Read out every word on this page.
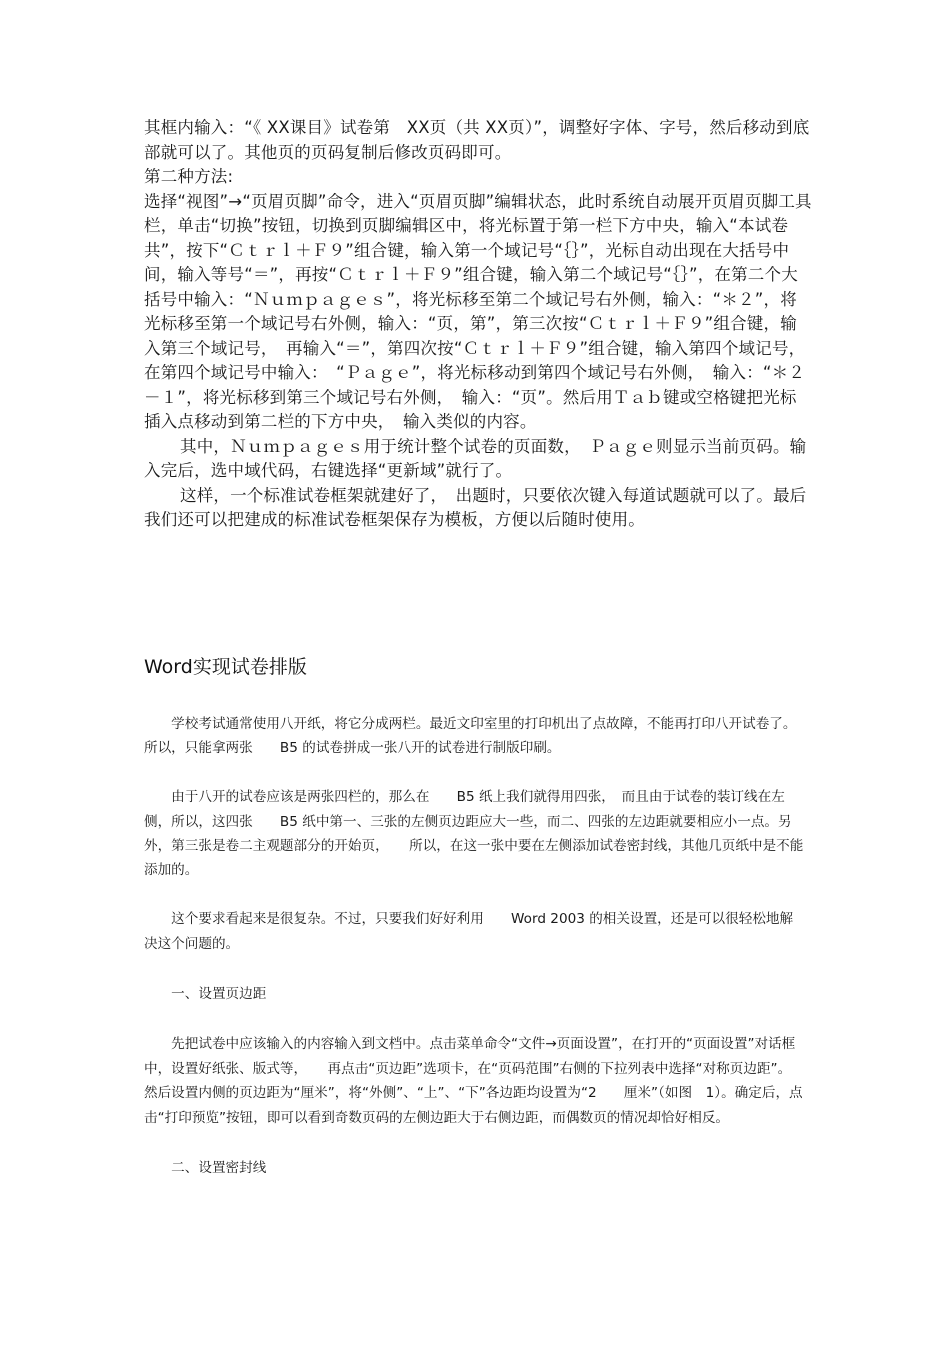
其框内输入：“《 XX课目》试卷第　XX页（共 XX页）”，调整好字体、字号，然后移动到底部就可以了。其他页的页码复制后修改页码即可。

第二种方法:

选择“视图”→“页眉页脚”命令，进入“页眉页脚”编辑状态，此时系统自动展开页眉页脚工具栏，单击“切换”按钮，切换到页脚编辑区中，将光标置于第一栏下方中央，输入“本试卷共”，按下“Ｃｔｒｌ＋Ｆ９”组合键，输入第一个域记号“｛｝”，光标自动出现在大括号中间，输入等号“＝”，再按“Ｃｔｒｌ＋Ｆ９”组合键，输入第二个域记号“｛｝”，在第二个大括号中输入：“Ｎｕｍｐａｇｅｓ”，将光标移至第二个域记号右外侧，输入：“＊２”，将光标移至第一个域记号右外侧，输入：“页，第”，第三次按“Ｃｔｒｌ＋Ｆ９”组合键，输入第三个域记号，　再输入“＝”，第四次按“Ｃｔｒｌ＋Ｆ９”组合键，输入第四个域记号，在第四个域记号中输入：　“Ｐａｇｅ”，将光标移动到第四个域记号右外侧，　输入：“＊２－１”，将光标移到第三个域记号右外侧，　输入：“页”。然后用Ｔａｂ键或空格键把光标插入点移动到第二栏的下方中央，　输入类似的内容。

其中，Ｎｕｍｐａｇｅｓ用于统计整个试卷的页面数，　Ｐａｇｅ则显示当前页码。输入完后，选中域代码，右键选择“更新域”就行了。

这样，一个标准试卷框架就建好了，　出题时，只要依次键入每道试题就可以了。最后我们还可以把建成的标准试卷框架保存为模板，方便以后随时使用。

Word实现试卷排版

　　学校考试通常使用八开纸，将它分成两栏。最近文印室里的打印机出了点故障，不能再打印八开试卷了。所以，只能拿两张　　B5 的试卷拼成一张八开的试卷进行制版印刷。

　　由于八开的试卷应该是两张四栏的，那么在　　B5 纸上我们就得用四张，　而且由于试卷的装订线在左侧，所以，这四张　　B5 纸中第一、三张的左侧页边距应大一些，而二、四张的左边距就要相应小一点。另外，第三张是卷二主观题部分的开始页，　　所以，在这一张中要在左侧添加试卷密封线，其他几页纸中是不能添加的。

　　这个要求看起来是很复杂。不过，只要我们好好利用　　Word 2003 的相关设置，还是可以很轻松地解决这个问题的。

　　一、设置页边距

　　先把试卷中应该输入的内容输入到文档中。点击菜单命令“文件→页面设置”，在打开的“页面设置”对话框中，设置好纸张、版式等，　　再点击“页边距”选项卡，在“页码范围”右侧的下拉列表中选择“对称页边距”。然后设置内侧的页边距为“厘米”，将“外侧”、“上”、“下”各边距均设置为“2　　厘米”（如图　1）。确定后，点击“打印预览”按钮，即可以看到奇数页码的左侧边距大于右侧边距，而偶数页的情况却恰好相反。

　　二、设置密封线
